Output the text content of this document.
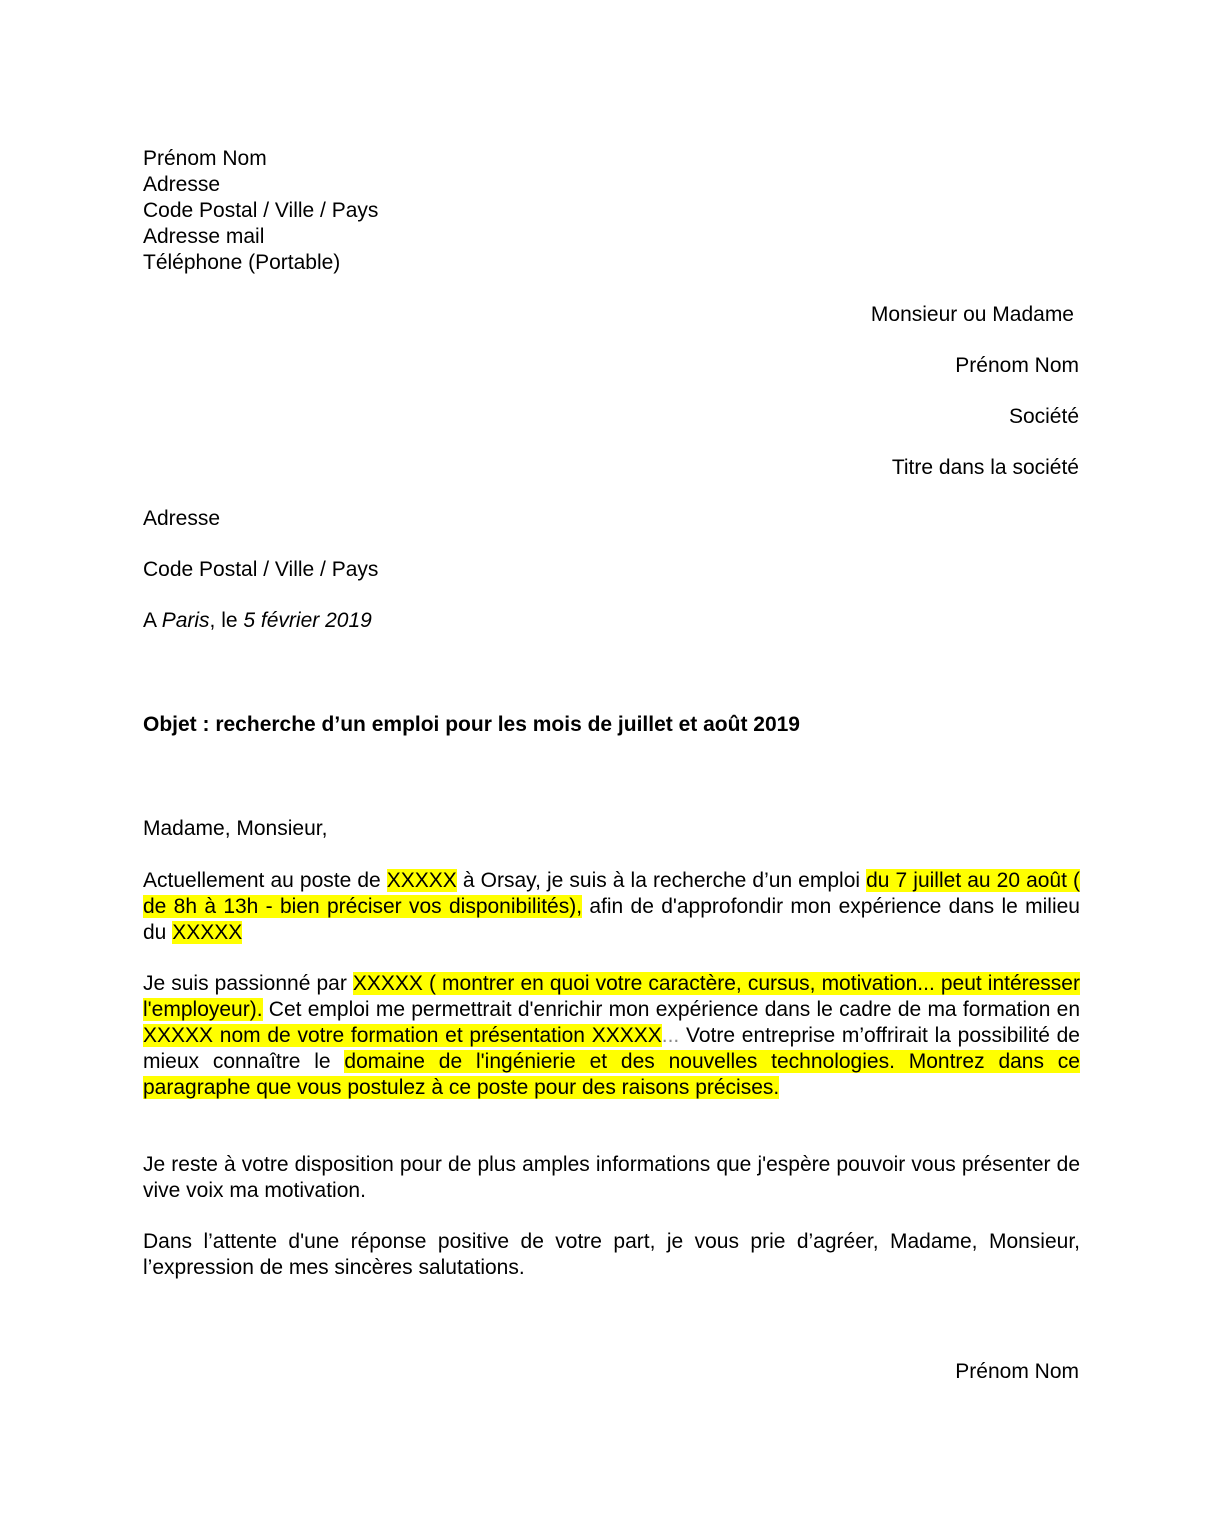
Prénom Nom
Adresse
Code Postal / Ville / Pays
Adresse mail
Téléphone (Portable)
Monsieur ou Madame
Prénom Nom
Société
Titre dans la société
Adresse
Code Postal / Ville / Pays
A Paris, le 5 février 2019
Objet : recherche d’un emploi pour les mois de juillet et août 2019
Madame, Monsieur,
Actuellement au poste de XXXXX à Orsay, je suis à la recherche d’un emploi du 7 juillet au 20 août ( de 8h à 13h - bien préciser vos disponibilités), afin de d'approfondir mon expérience dans le milieu du XXXXX
Je suis passionné par XXXXX ( montrer en quoi votre caractère, cursus, motivation... peut intéresser l'employeur). Cet emploi me permettrait d'enrichir mon expérience dans le cadre de ma formation en XXXXX nom de votre formation et présentation XXXXX... Votre entreprise m’offrirait la possibilité de mieux connaître le domaine de l'ingénierie et des nouvelles technologies. Montrez dans ce paragraphe que vous postulez à ce poste pour des raisons précises.
Je reste à votre disposition pour de plus amples informations que j'espère pouvoir vous présenter de vive voix ma motivation.
Dans l’attente d'une réponse positive de votre part, je vous prie d’agréer, Madame, Monsieur, l’expression de mes sincères salutations.
Prénom Nom
